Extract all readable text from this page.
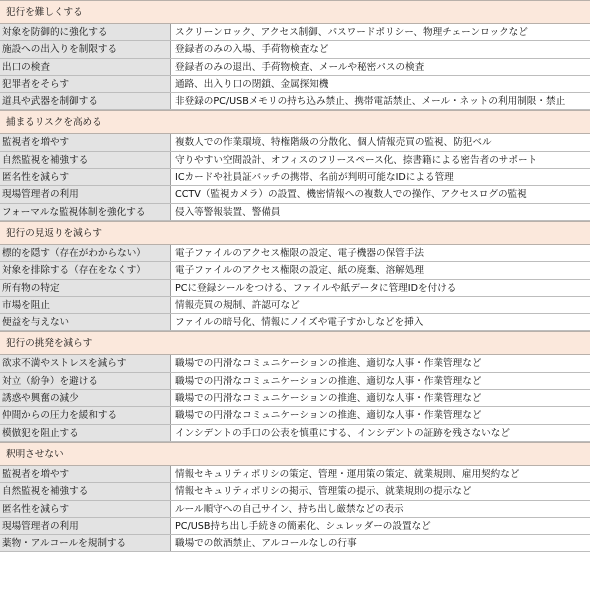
犯行を難しくする
対象を防御的に強化する	スクリーンロック、アクセス制御、パスワードポリシー、物理チェーンロックなど
施設への出入りを制限する	登録者のみの入場、手荷物検査など
出口の検査	登録者のみの退出、手荷物検査、メールや秘密パスの検査
犯罪者をそらす	通路、出入り口の閉鎖、金属探知機
道具や武器を制御する	非登録のPC/USBメモリの持ち込み禁止、携帯電話禁止、メール・ネットの利用制限・禁止
捕まるリスクを高める
監視者を増やす	複数人での作業環境、特権階級の分散化、個人情報売買の監視、防犯ベル
自然監視を補強する	守りやすい空間設計、オフィスのフリースペース化、捺書籍による密告者のサポート
匿名性を減らす	ICカードや社員証バッチの携帯、名前が判明可能なIDによる管理
現場管理者の利用	CCTV（監視カメラ）の設置、機密情報への複数人での操作、アクセスログの監視
フォーマルな監視体制を強化する	侵入等警報装置、警備員
犯行の見返りを減らす
標的を隠す（存在がわからない）	電子ファイルのアクセス権限の設定、電子機器の保管手法
対象を排除する（存在をなくす）	電子ファイルのアクセス権限の設定、紙の廃棄、溶解処理
所有物の特定	PCに登録シールをつける、ファイルや紙データに管理IDを付ける
市場を阻止	情報売買の規制、許認可など
便益を与えない	ファイルの暗号化、情報にノイズや電子すかしなどを挿入
犯行の挑発を減らす
欲求不満やストレスを減らす	職場での円滑なコミュニケーションの推進、適切な人事・作業管理など
対立（紛争）を避ける	職場での円滑なコミュニケーションの推進、適切な人事・作業管理など
誘惑や興奮の減少	職場での円滑なコミュニケーションの推進、適切な人事・作業管理など
仲間からの圧力を緩和する	職場での円滑なコミュニケーションの推進、適切な人事・作業管理など
模倣犯を阻止する	インシデントの手口の公表を慎重にする、インシデントの証跡を残さないなど
釈明させない
監視者を増やす	情報セキュリティポリシの策定、管理・運用策の策定、就業規則、雇用契約など
自然監視を補強する	情報セキュリティポリシの掲示、管理策の提示、就業規則の提示など
匿名性を減らす	ルール順守への自己サイン、持ち出し厳禁などの表示
現場管理者の利用	PC/USB持ち出し手続きの簡素化、シュレッダーの設置など
薬物・アルコールを規制する	職場での飲酒禁止、アルコールなしの行事
